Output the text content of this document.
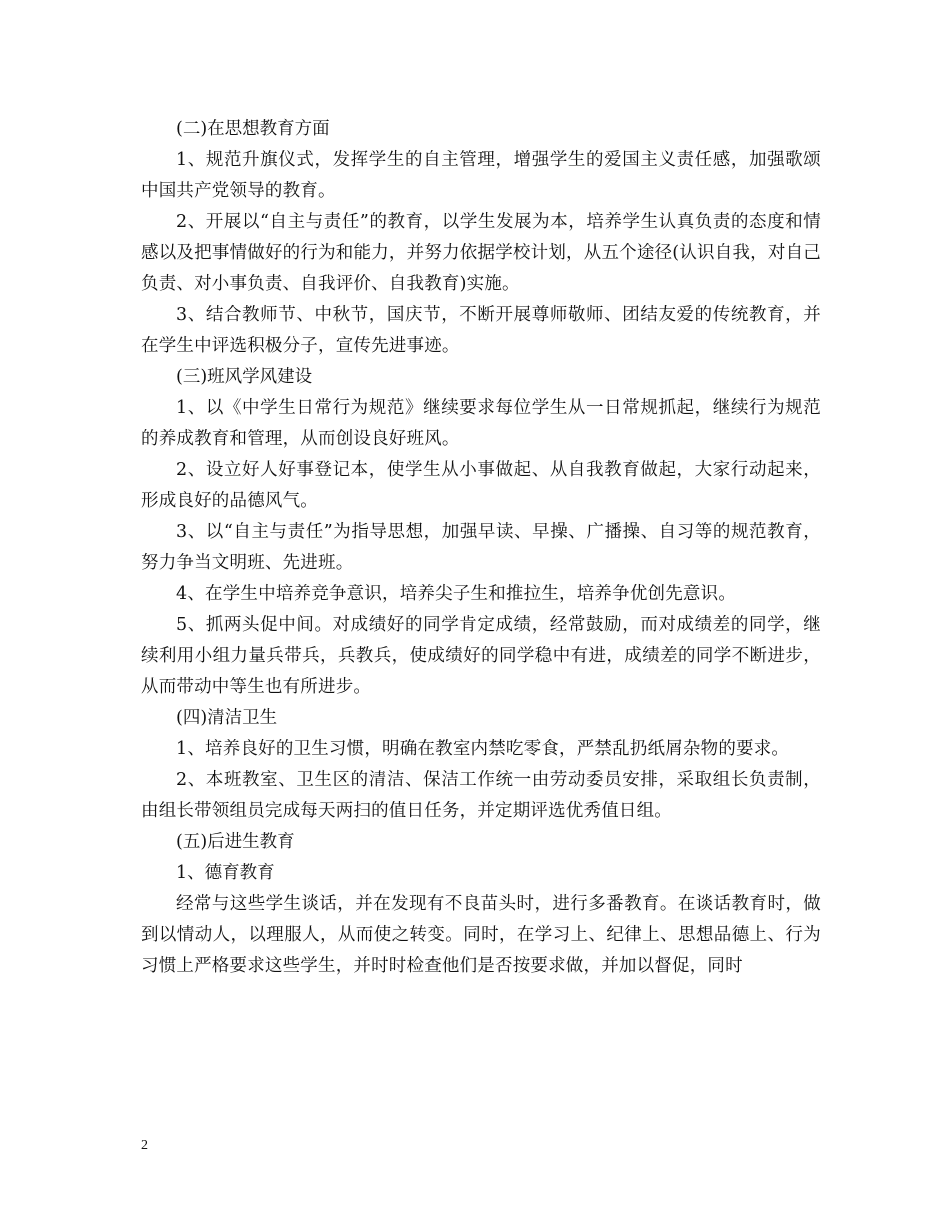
(二)在思想教育方面

1、规范升旗仪式，发挥学生的自主管理，增强学生的爱国主义责任感，加强歌颂中国共产党领导的教育。

2、开展以“自主与责任”的教育，以学生发展为本，培养学生认真负责的态度和情感以及把事情做好的行为和能力，并努力依据学校计划，从五个途径(认识自我，对自己负责、对小事负责、自我评价、自我教育)实施。

3、结合教师节、中秋节，国庆节，不断开展尊师敬师、团结友爱的传统教育，并在学生中评选积极分子，宣传先进事迹。

(三)班风学风建设

1、以《中学生日常行为规范》继续要求每位学生从一日常规抓起，继续行为规范的养成教育和管理，从而创设良好班风。

2、设立好人好事登记本，使学生从小事做起、从自我教育做起，大家行动起来，形成良好的品德风气。

3、以“自主与责任”为指导思想，加强早读、早操、广播操、自习等的规范教育，努力争当文明班、先进班。

4、在学生中培养竞争意识，培养尖子生和推拉生，培养争优创先意识。

5、抓两头促中间。对成绩好的同学肯定成绩，经常鼓励，而对成绩差的同学，继续利用小组力量兵带兵，兵教兵，使成绩好的同学稳中有进，成绩差的同学不断进步，从而带动中等生也有所进步。

(四)清洁卫生

1、培养良好的卫生习惯，明确在教室内禁吃零食，严禁乱扔纸屑杂物的要求。

2、本班教室、卫生区的清洁、保洁工作统一由劳动委员安排，采取组长负责制，由组长带领组员完成每天两扫的值日任务，并定期评选优秀值日组。

(五)后进生教育

1、德育教育

经常与这些学生谈话，并在发现有不良苗头时，进行多番教育。在谈话教育时，做到以情动人，以理服人，从而使之转变。同时，在学习上、纪律上、思想品德上、行为习惯上严格要求这些学生，并时时检查他们是否按要求做，并加以督促，同时

2
